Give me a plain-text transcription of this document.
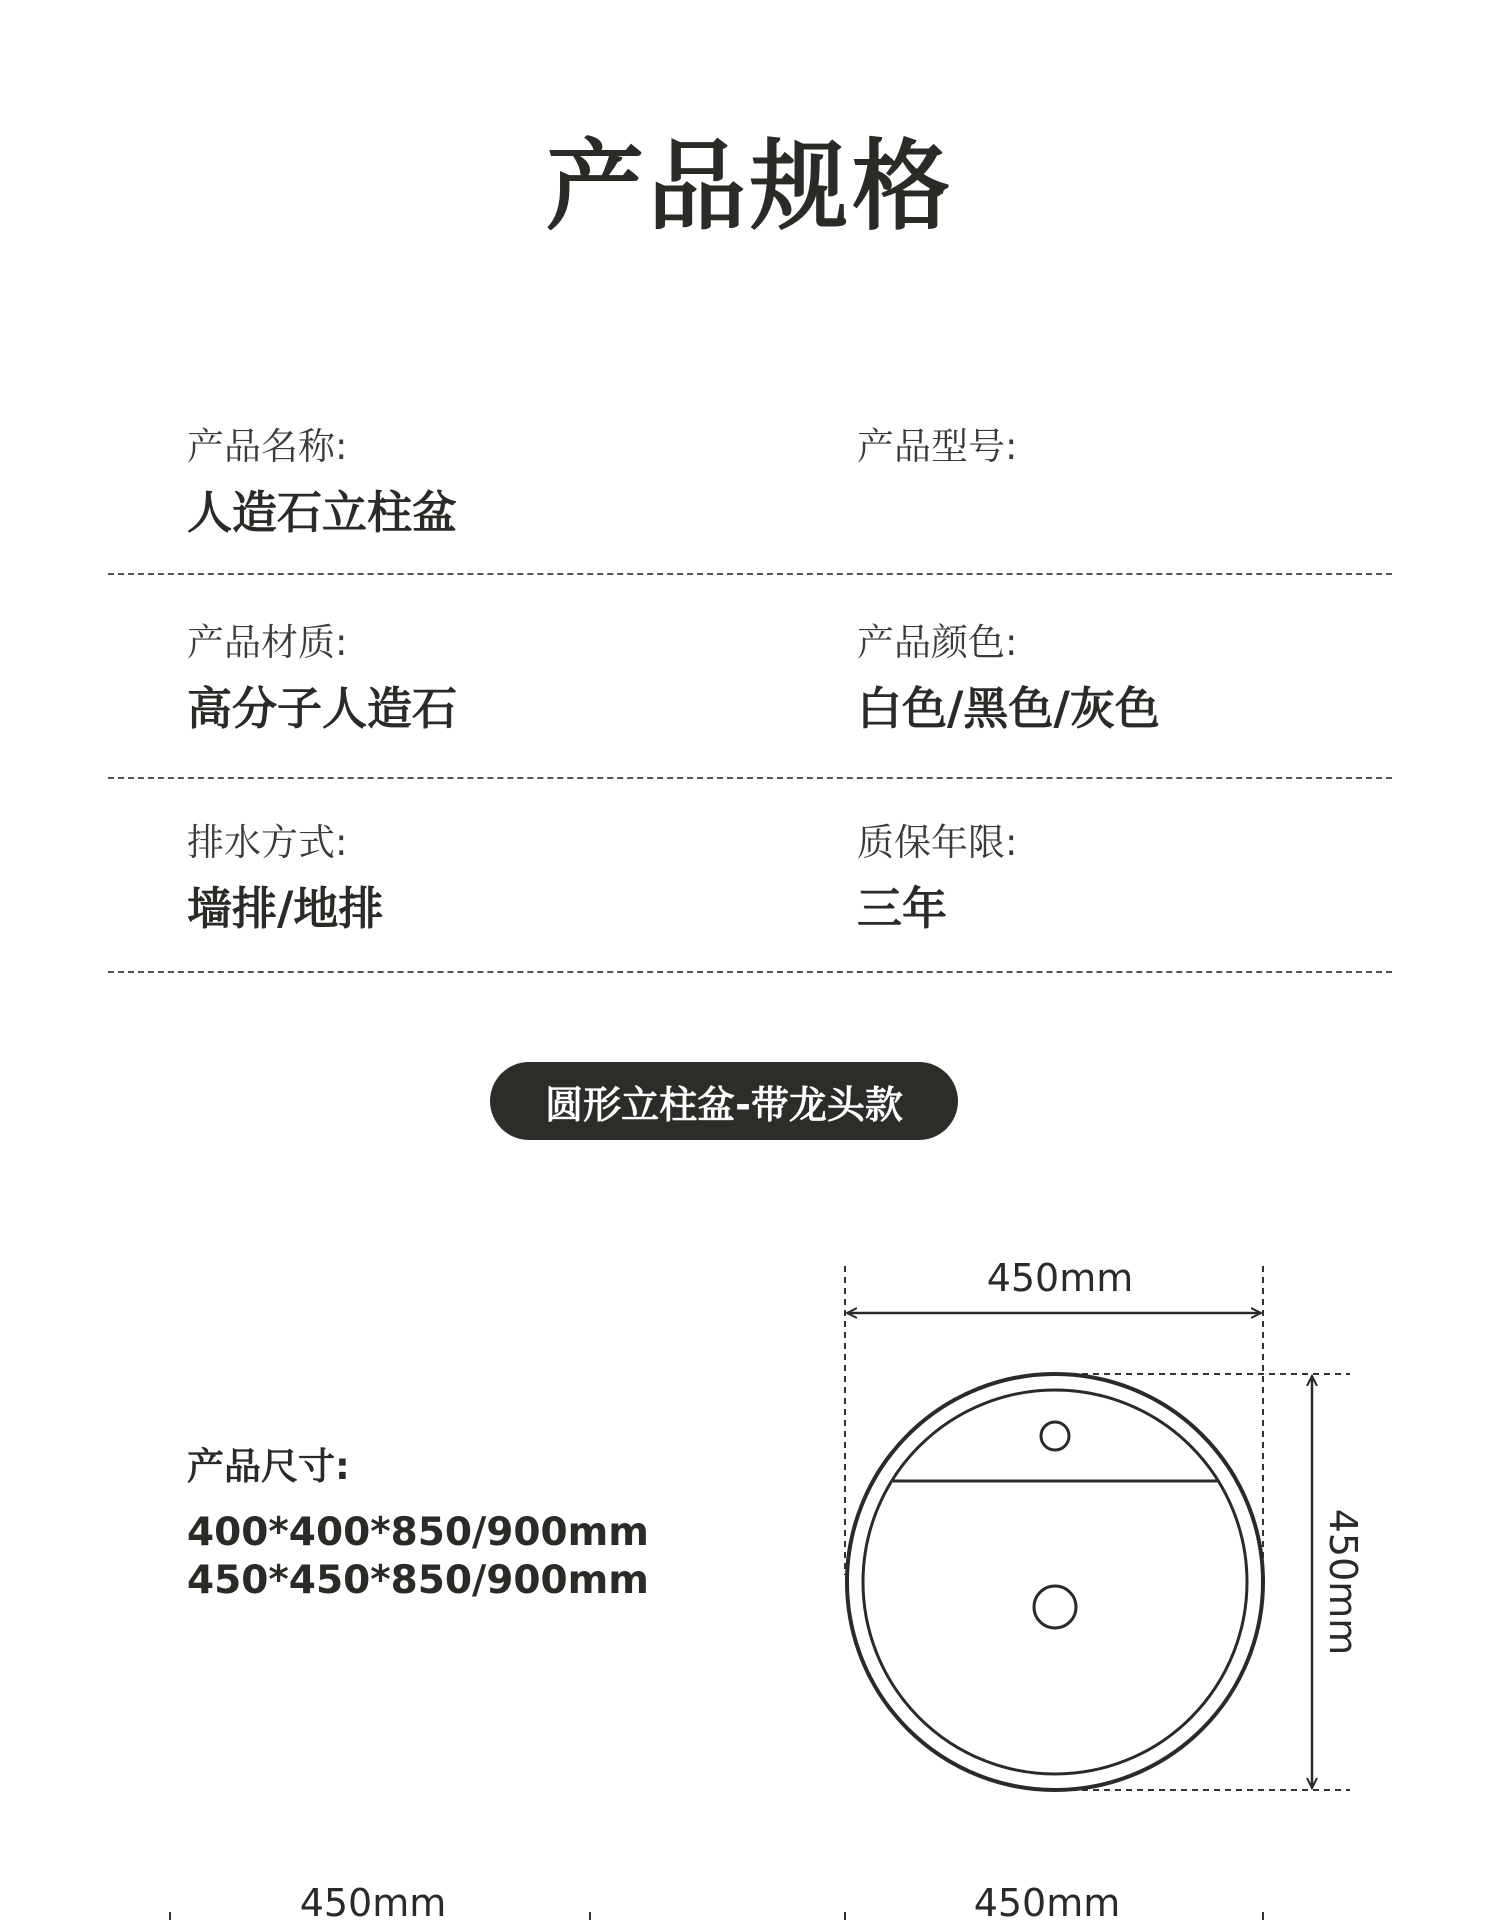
产品规格
产品名称:
人造石立柱盆
产品型号:
产品材质:
高分子人造石
产品颜色:
白色/黑色/灰色
排水方式:
墙排/地排
质保年限:
三年
圆形立柱盆-带龙头款
产品尺寸:
400*400*850/900mm
450*450*850/900mm
450mm
450mm
450mm	450mm
